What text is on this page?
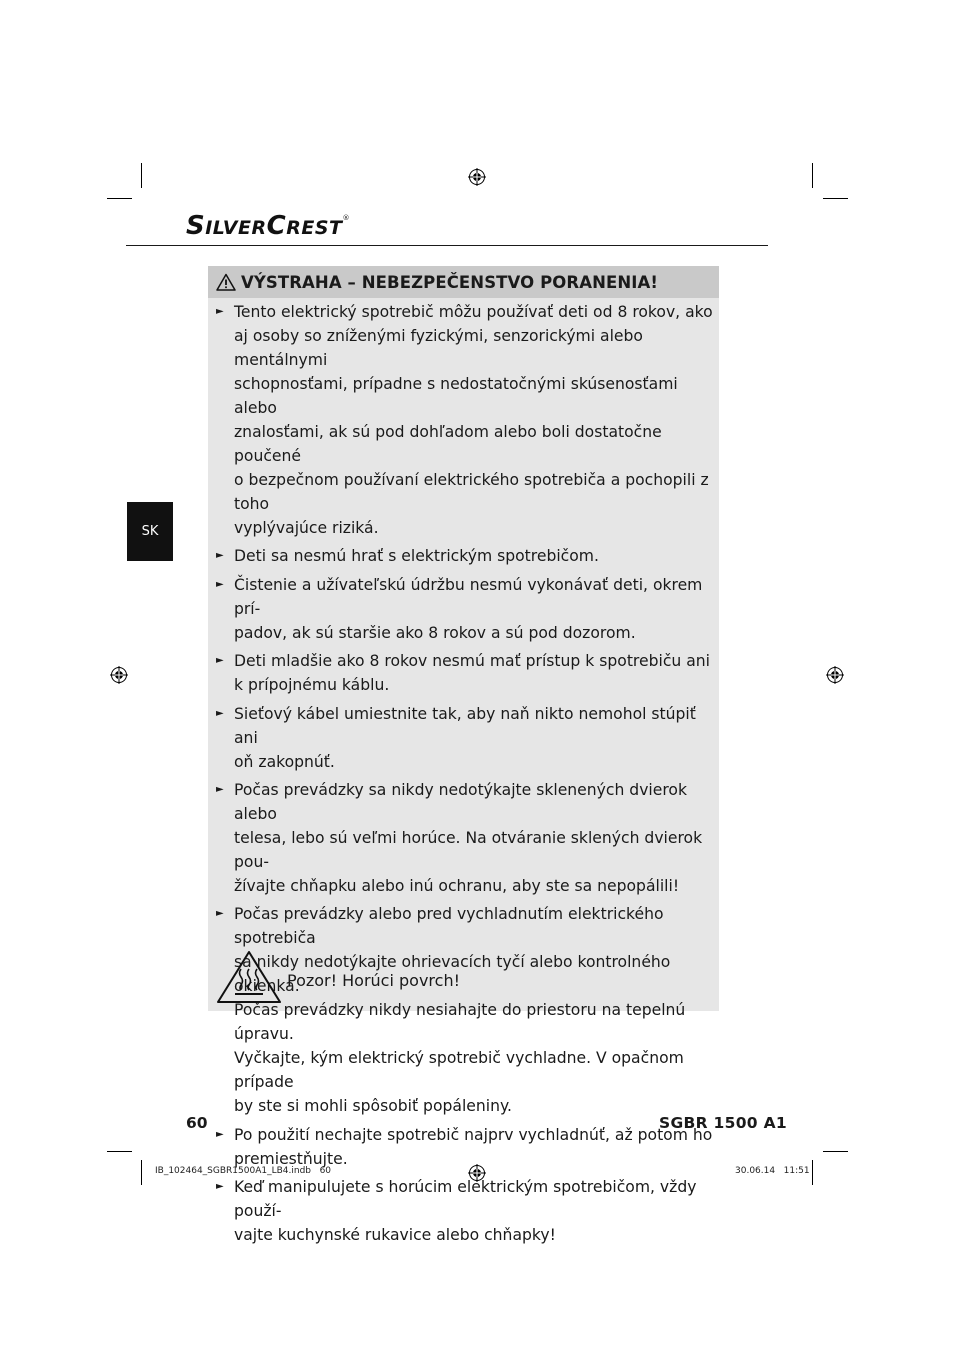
SILVERCREST®
SK
VÝSTRAHA – NEBEZPEČENSTVO PORANENIA!
► Tento elektrický spotrebič môžu používať deti od 8 rokov, ako
aj osoby so zníženými fyzickými, senzorickými alebo mentálnymi
schopnosťami, prípadne s nedostatočnými skúsenosťami alebo
znalosťami, ak sú pod dohľadom alebo boli dostatočne poučené
o bezpečnom používaní elektrického spotrebiča a pochopili z toho
vyplývajúce riziká.
► Deti sa nesmú hrať s elektrickým spotrebičom.
► Čistenie a užívateľskú údržbu nesmú vykonávať deti, okrem prí-
padov, ak sú staršie ako 8 rokov a sú pod dozorom.
► Deti mladšie ako 8 rokov nesmú mať prístup k spotrebiču ani
k prípojnému káblu.
► Sieťový kábel umiestnite tak, aby naň nikto nemohol stúpiť ani
oň zakopnúť.
► Počas prevádzky sa nikdy nedotýkajte sklenených dvierok alebo
telesa, lebo sú veľmi horúce. Na otváranie sklených dvierok pou-
žívajte chňapku alebo inú ochranu, aby ste sa nepopálili!
► Počas prevádzky alebo pred vychladnutím elektrického spotrebiča
sa nikdy nedotýkajte ohrievacích tyčí alebo kontrolného okienka.
Počas prevádzky nikdy nesiahajte do priestoru na tepelnú úpravu.
Vyčkajte, kým elektrický spotrebič vychladne. V opačnom prípade
by ste si mohli spôsobiť popáleniny.
► Po použití nechajte spotrebič najprv vychladnúť, až potom ho
premiestňujte.
► Keď manipulujete s horúcim elektrickým spotrebičom, vždy použí-
vajte kuchynské rukavice alebo chňapky!
Pozor! Horúci povrch!
60	SGBR 1500 A1
IB_102464_SGBR1500A1_LB4.indb   60	30.06.14   11:51
